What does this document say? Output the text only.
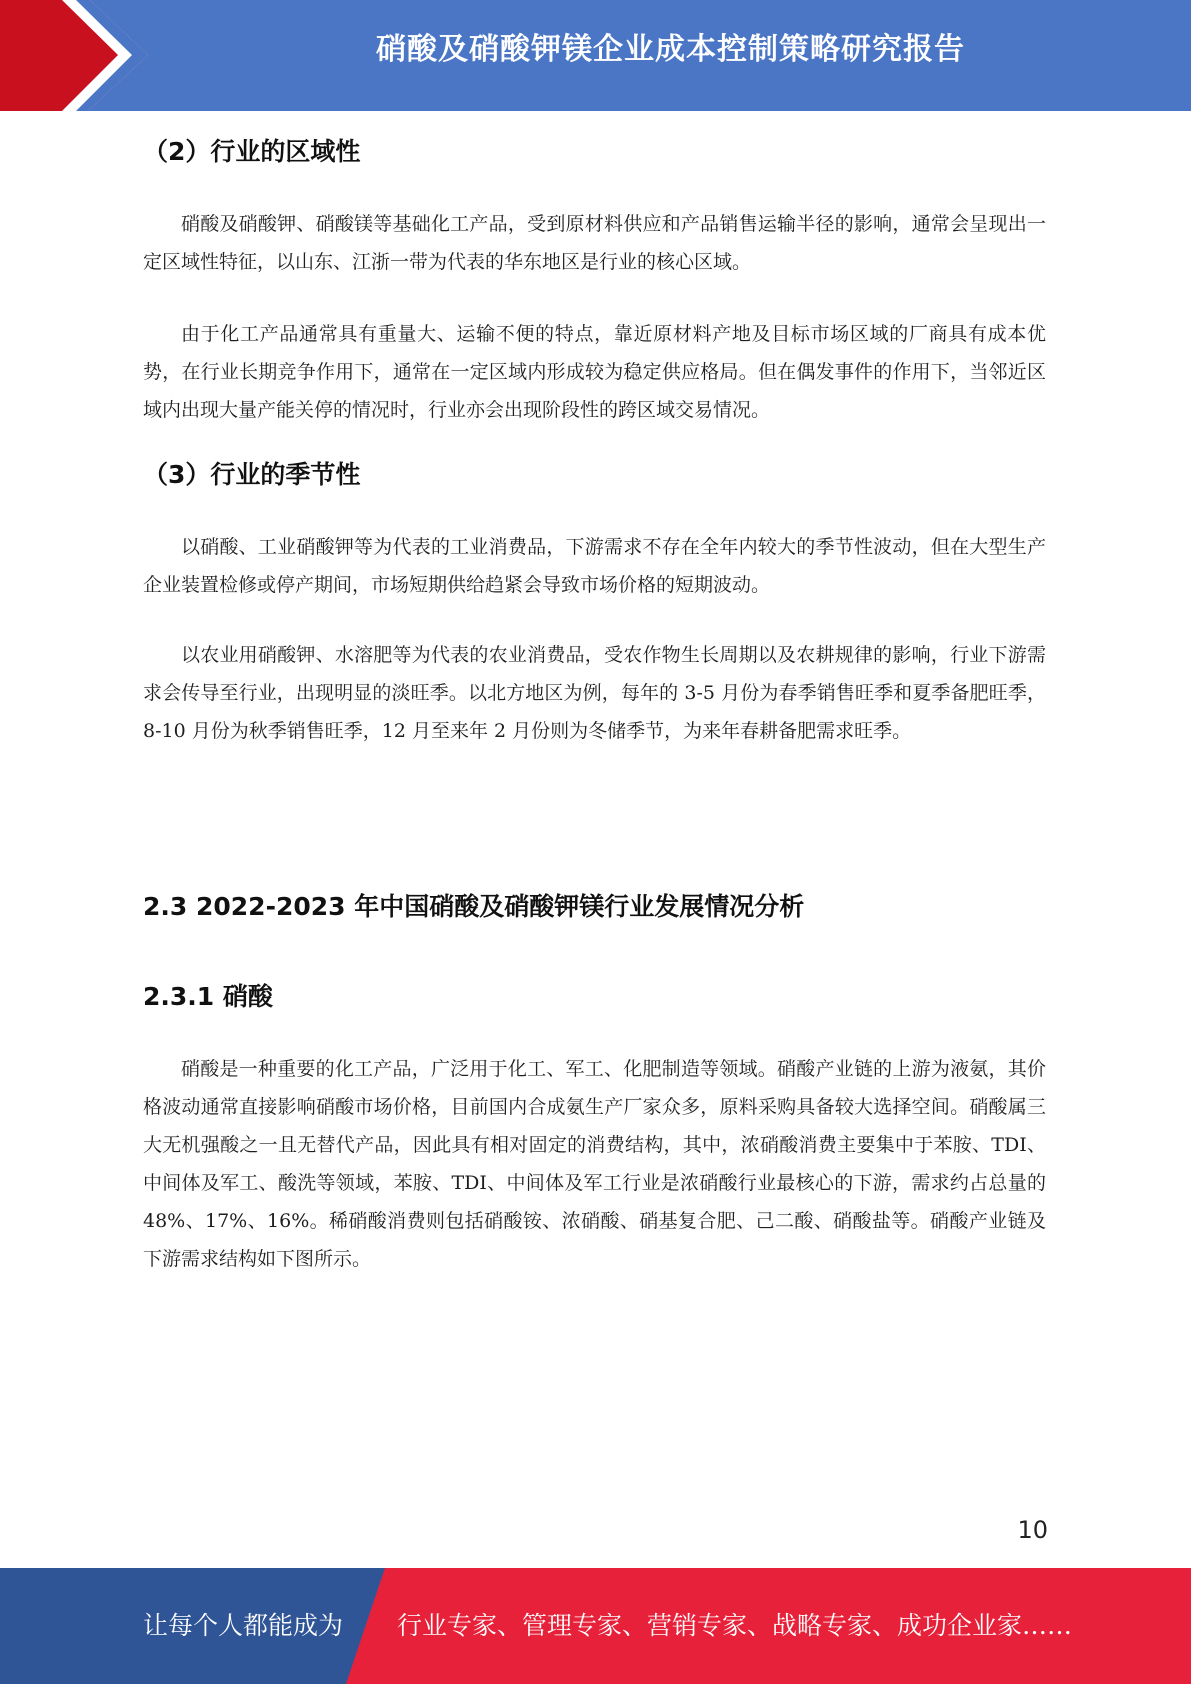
硝酸及硝酸钾镁企业成本控制策略研究报告
（2）行业的区域性

硝酸及硝酸钾、硝酸镁等基础化工产品，受到原材料供应和产品销售运输半径的影响，通常会呈现出一定区域性特征，以山东、江浙一带为代表的华东地区是行业的核心区域。

由于化工产品通常具有重量大、运输不便的特点，靠近原材料产地及目标市场区域的厂商具有成本优势，在行业长期竞争作用下，通常在一定区域内形成较为稳定供应格局。但在偶发事件的作用下，当邻近区域内出现大量产能关停的情况时，行业亦会出现阶段性的跨区域交易情况。

（3）行业的季节性

以硝酸、工业硝酸钾等为代表的工业消费品，下游需求不存在全年内较大的季节性波动，但在大型生产企业装置检修或停产期间，市场短期供给趋紧会导致市场价格的短期波动。

以农业用硝酸钾、水溶肥等为代表的农业消费品，受农作物生长周期以及农耕规律的影响，行业下游需求会传导至行业，出现明显的淡旺季。以北方地区为例，每年的 3-5 月份为春季销售旺季和夏季备肥旺季，8-10 月份为秋季销售旺季，12 月至来年 2 月份则为冬储季节，为来年春耕备肥需求旺季。

2.3 2022-2023 年中国硝酸及硝酸钾镁行业发展情况分析
2.3.1 硝酸

硝酸是一种重要的化工产品，广泛用于化工、军工、化肥制造等领域。硝酸产业链的上游为液氨，其价格波动通常直接影响硝酸市场价格，目前国内合成氨生产厂家众多，原料采购具备较大选择空间。硝酸属三大无机强酸之一且无替代产品，因此具有相对固定的消费结构，其中，浓硝酸消费主要集中于苯胺、TDI、中间体及军工、酸洗等领域，苯胺、TDI、中间体及军工行业是浓硝酸行业最核心的下游，需求约占总量的 48%、17%、16%。稀硝酸消费则包括硝酸铵、浓硝酸、硝基复合肥、己二酸、硝酸盐等。硝酸产业链及下游需求结构如下图所示。

10
让每个人都能成为 行业专家、管理专家、营销专家、战略专家、成功企业家……
